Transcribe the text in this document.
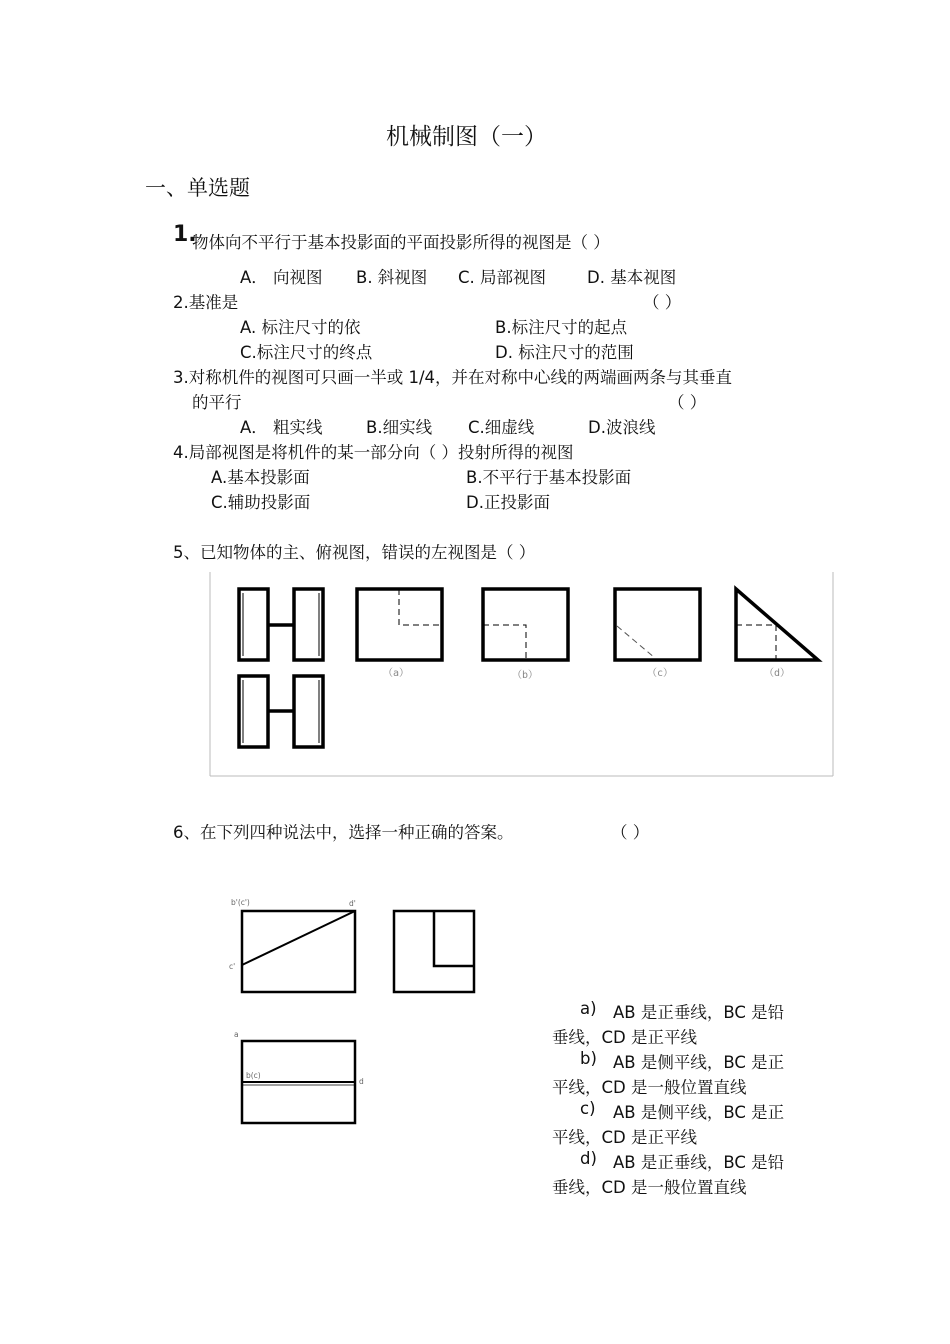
机械制图（一）
一、单选题
1.
物体向不平行于基本投影面的平面投影所得的视图是（ ）
A． 向视图 B. 斜视图 C. 局部视图 D. 基本视图
2.基准是	（ ）
A. 标注尺寸的依	B.标注尺寸的起点
C.标注尺寸的终点	D. 标注尺寸的范围
3.对称机件的视图可只画一半或 1/4，并在对称中心线的两端画两条与其垂直
的平行	（ ）
A． 粗实线	B.细实线 C.细虚线	D.波浪线
4.局部视图是将机件的某一部分向（ ）投射所得的视图
A.基本投影面	B.不平行于基本投影面
C.辅助投影面	D.正投影面
5、已知物体的主、俯视图，错误的左视图是（ ）
（a）	（b）	（c）	（d）
6、在下列四种说法中，选择一种正确的答案。	（ ）
b'(c')	d'
c'
a
b(c)
d
a) AB 是正垂线，BC 是铅
垂线，CD 是正平线
b) AB 是侧平线，BC 是正
平线，CD 是一般位置直线
c) AB 是侧平线，BC 是正
平线，CD 是正平线
d) AB 是正垂线，BC 是铅
垂线，CD 是一般位置直线
